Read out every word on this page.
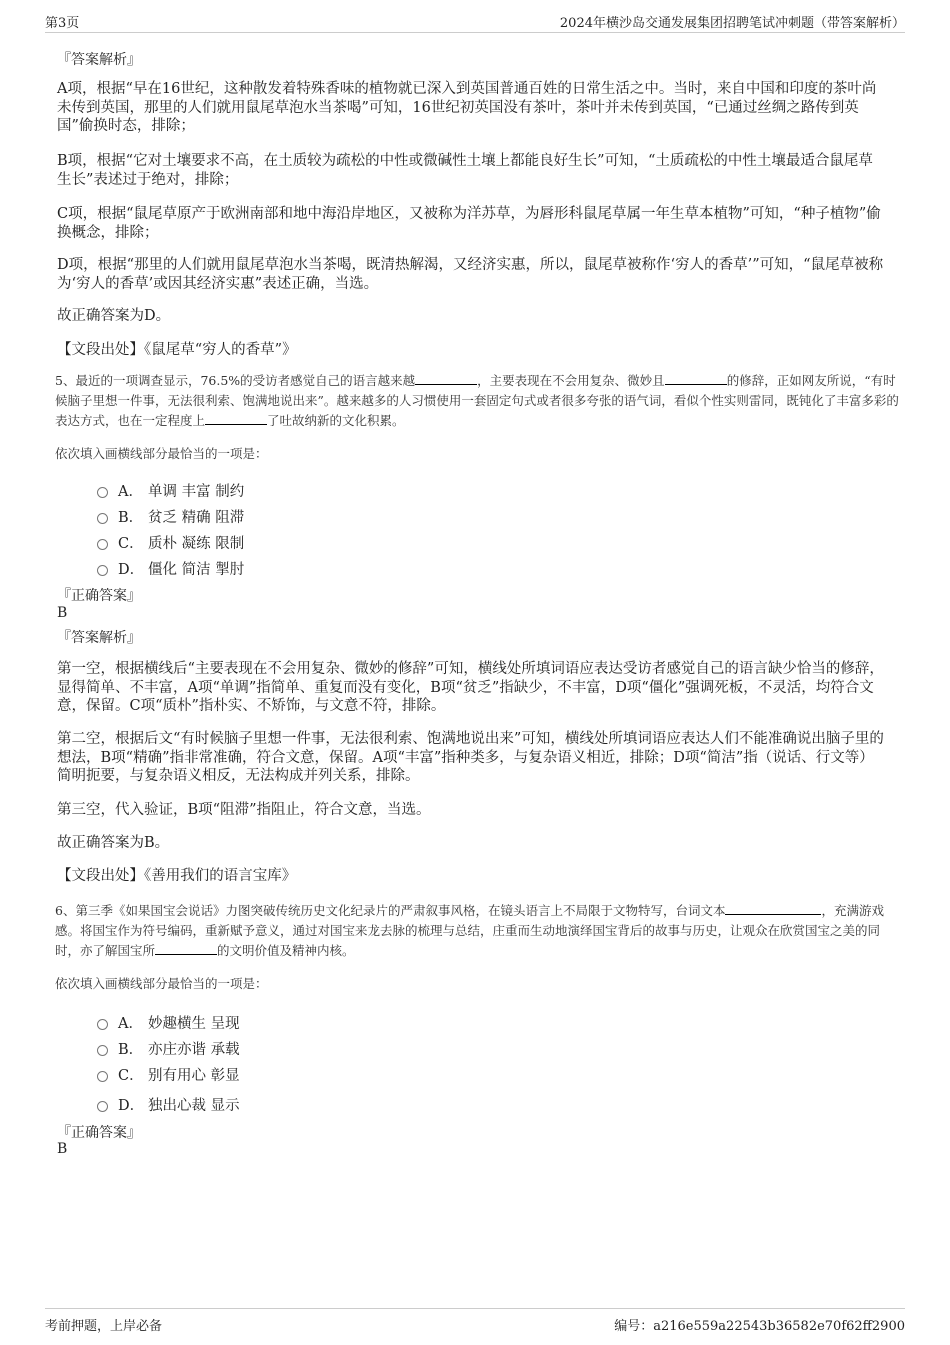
第3页	2024年横沙岛交通发展集团招聘笔试冲刺题（带答案解析）
『答案解析』
A项，根据“早在16世纪，这种散发着特殊香味的植物就已深入到英国普通百姓的日常生活之中。当时，来自中国和印度的茶叶尚未传到英国，那里的人们就用鼠尾草泡水当茶喝”可知，16世纪初英国没有茶叶，茶叶并未传到英国，“已通过丝绸之路传到英国”偷换时态，排除；
B项，根据“它对土壤要求不高，在土质较为疏松的中性或微碱性土壤上都能良好生长”可知，“土质疏松的中性土壤最适合鼠尾草生长”表述过于绝对，排除；
C项，根据“鼠尾草原产于欧洲南部和地中海沿岸地区，又被称为洋苏草，为唇形科鼠尾草属一年生草本植物”可知，“种子植物”偷换概念，排除；
D项，根据“那里的人们就用鼠尾草泡水当茶喝，既清热解渴，又经济实惠，所以，鼠尾草被称作‘穷人的香草’”可知，“鼠尾草被称为‘穷人的香草’或因其经济实惠”表述正确，当选。
故正确答案为D。
【文段出处】《鼠尾草“穷人的香草”》
5、最近的一项调查显示，76.5%的受访者感觉自己的语言越来越	，主要表现在不会用复杂、微妙且	的修辞，正如网友所说，“有时候脑子里想一件事，无法很利索、饱满地说出来”。越来越多的人习惯使用一套固定句式或者很多夸张的语气词，看似个性实则雷同，既钝化了丰富多彩的表达方式，也在一定程度上	了吐故纳新的文化积累。
依次填入画横线部分最恰当的一项是：
A． 单调 丰富 制约
B． 贫乏 精确 阻滞
C． 质朴 凝练 限制
D． 僵化 简洁 掣肘
『正确答案』
B
『答案解析』
第一空，根据横线后“主要表现在不会用复杂、微妙的修辞”可知，横线处所填词语应表达受访者感觉自己的语言缺少恰当的修辞，显得简单、不丰富，A项“单调”指简单、重复而没有变化，B项“贫乏”指缺少，不丰富，D项“僵化”强调死板，不灵活，均符合文意，保留。C项“质朴”指朴实、不矫饰，与文意不符，排除。
第二空，根据后文“有时候脑子里想一件事，无法很利索、饱满地说出来”可知，横线处所填词语应表达人们不能准确说出脑子里的想法，B项“精确”指非常准确，符合文意，保留。A项“丰富”指种类多，与复杂语义相近，排除；D项“简洁”指（说话、行文等）简明扼要，与复杂语义相反，无法构成并列关系，排除。
第三空，代入验证，B项“阻滞”指阻止，符合文意，当选。
故正确答案为B。
【文段出处】《善用我们的语言宝库》
6、第三季《如果国宝会说话》力图突破传统历史文化纪录片的严肃叙事风格，在镜头语言上不局限于文物特写，台词文本	，充满游戏感。将国宝作为符号编码，重新赋予意义，通过对国宝来龙去脉的梳理与总结，庄重而生动地演绎国宝背后的故事与历史，让观众在欣赏国宝之美的同时，亦了解国宝所	的文明价值及精神内核。
依次填入画横线部分最恰当的一项是：
A． 妙趣横生 呈现
B． 亦庄亦谐 承载
C． 别有用心 彰显
D． 独出心裁 显示
『正确答案』
B
考前押题，上岸必备	编号：a216e559a22543b36582e70f62ff2900
